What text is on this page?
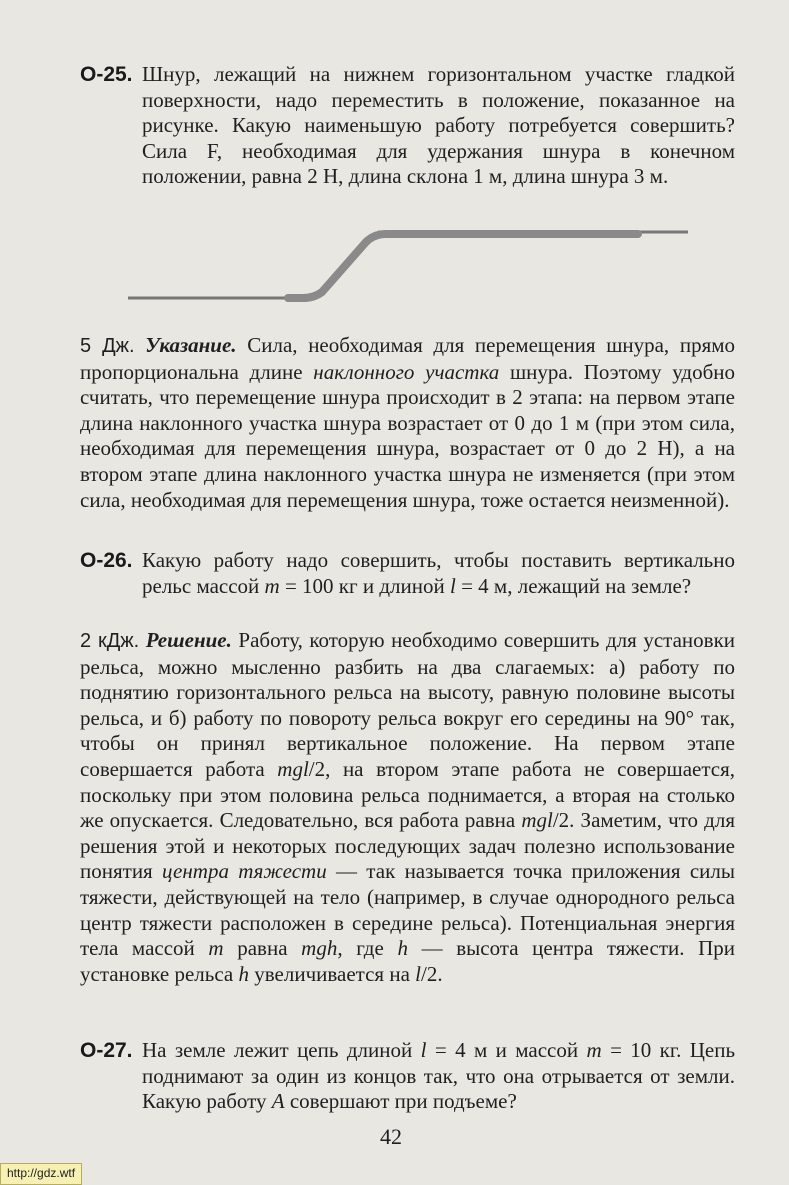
О-25. Шнур, лежащий на нижнем горизонтальном участке гладкой поверхности, надо переместить в положение, показанное на рисунке. Какую наименьшую работу потребуется совершить? Сила F, необходимая для удержания шнура в конечном положении, равна 2 Н, длина склона 1 м, длина шнура 3 м.
5 Дж. Указание. Сила, необходимая для перемещения шнура, прямо пропорциональна длине наклонного участка шнура. Поэтому удобно считать, что перемещение шнура происходит в 2 этапа: на первом этапе длина наклонного участка шнура возрастает от 0 до 1 м (при этом сила, необходимая для перемещения шнура, возрастает от 0 до 2 Н), а на втором этапе длина наклонного участка шнура не изменяется (при этом сила, необходимая для перемещения шнура, тоже остается неизменной).
О-26. Какую работу надо совершить, чтобы поставить вертикально рельс массой m = 100 кг и длиной l = 4 м, лежащий на земле?
2 кДж. Решение. Работу, которую необходимо совершить для установки рельса, можно мысленно разбить на два слагаемых: а) работу по поднятию горизонтального рельса на высоту, равную половине высоты рельса, и б) работу по повороту рельса вокруг его середины на 90° так, чтобы он принял вертикальное положение. На первом этапе совершается работа mgl/2, на втором этапе работа не совершается, поскольку при этом половина рельса поднимается, а вторая на столько же опускается. Следовательно, вся работа равна mgl/2. Заметим, что для решения этой и некоторых последующих задач полезно использование понятия центра тяжести — так называется точка приложения силы тяжести, действующей на тело (например, в случае однородного рельса центр тяжести расположен в середине рельса). Потенциальная энергия тела массой m равна mgh, где h — высота центра тяжести. При установке рельса h увеличивается на l/2.
О-27. На земле лежит цепь длиной l = 4 м и массой m = 10 кг. Цепь поднимают за один из концов так, что она отрывается от земли. Какую работу A совершают при подъеме?
42
http://gdz.wtf
